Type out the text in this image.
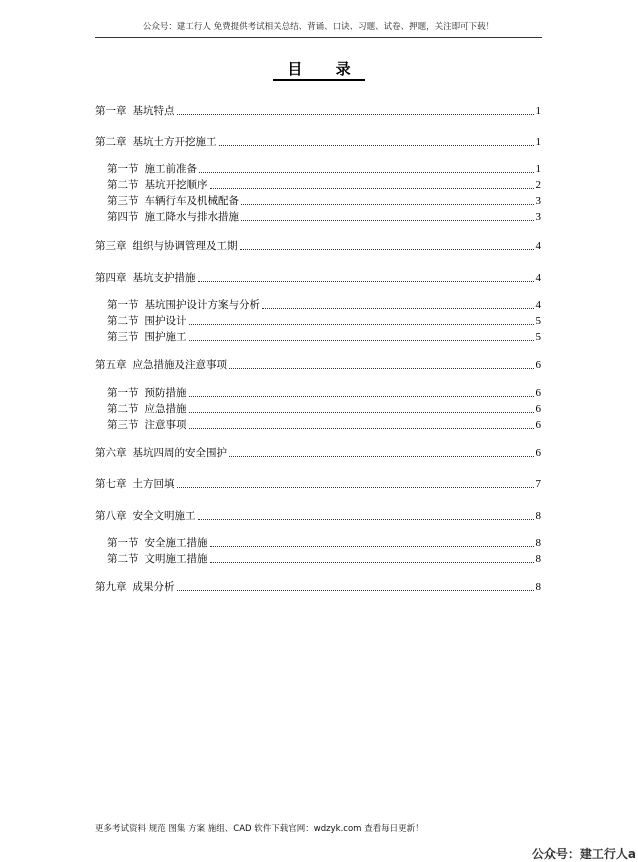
公众号：建工行人 免费提供考试相关总结、背诵、口诀、习题、试卷、押题，关注即可下载！
目 录
第一章 基坑特点	1
第二章 基坑土方开挖施工	1
第一节 施工前准备	1
第二节 基坑开挖顺序	2
第三节 车辆行车及机械配备	3
第四节 施工降水与排水措施	3
第三章 组织与协调管理及工期	4
第四章 基坑支护措施	4
第一节 基坑围护设计方案与分析	4
第二节 围护设计	5
第三节 围护施工	5
第五章 应急措施及注意事项	6
第一节 预防措施	6
第二节 应急措施	6
第三节 注意事项	6
第六章 基坑四周的安全围护	6
第七章 土方回填	7
第八章 安全文明施工	8
第一节 安全施工措施	8
第二节 文明施工措施	8
第九章 成果分析	8
更多考试资料 规范 图集 方案 施组、CAD 软件下载官网：wdzyk.com 查看每日更新！
公众号：建工行人a
